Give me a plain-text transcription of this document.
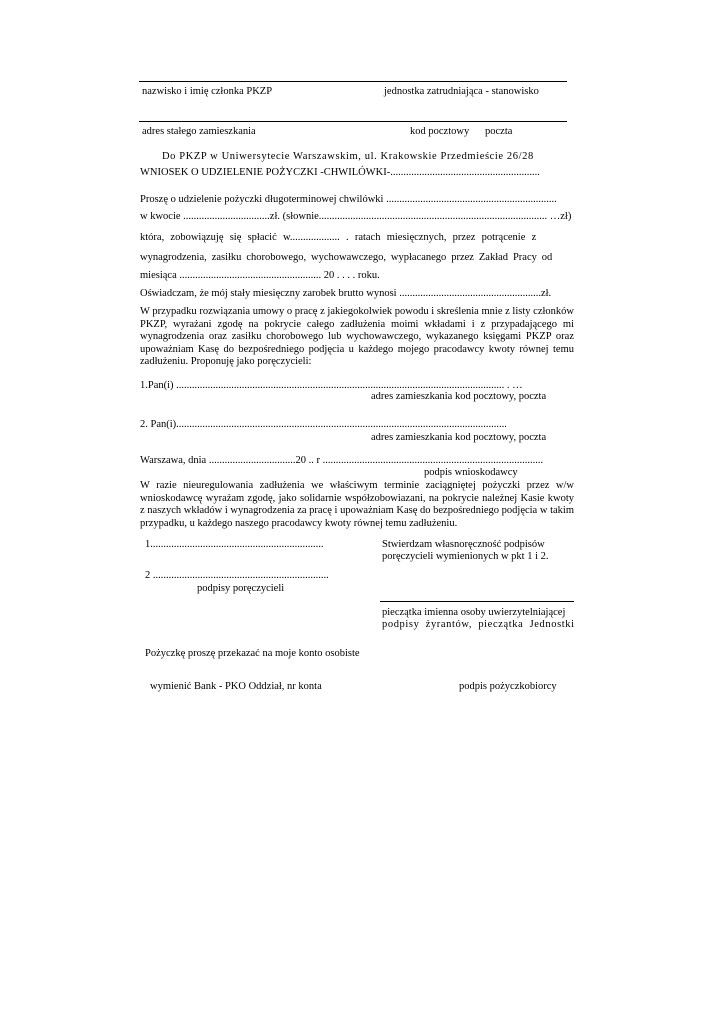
nazwisko i imię członka PKZP	jednostka zatrudniająca - stanowisko
adres stałego zamieszkania	kod pocztowy poczta
Do PKZP w Uniwersytecie Warszawskim, ul. Krakowskie Przedmieście 26/28
WNIOSEK O UDZIELENIE POŻYCZKI -CHWILÓWKI-.........................................................
Proszę o udzielenie pożyczki długoterminowej chwilówki .................................................................
w kwocie .................................zł. (słownie....................................................................................... …zł)
która, zobowiązuję się spłacić w................... . ratach miesięcznych, przez potrącenie z
wynagrodzenia, zasiłku chorobowego, wychowawczego, wypłacanego przez Zakład Pracy od
miesiąca ...................................................... 20 . . . . roku.
Oświadczam, że mój stały miesięczny zarobek brutto wynosi ......................................................zł.
W przypadku rozwiązania umowy o pracę z jakiegokolwiek powodu i skreślenia mnie z listy członków PKZP, wyrażani zgodę na pokrycie całego zadłużenia moimi wkładami i z przypadającego mi wynagrodzenia oraz zasiłku chorobowego lub wychowawczego, wykazanego księgami PKZP oraz upoważniam Kasę do bezpośredniego podjęcia u każdego mojego pracodawcy kwoty równej temu zadłużeniu. Proponuję jako poręczycieli:
1.Pan(i) ............................................................................................................................. . …
adres zamieszkania kod pocztowy, poczta
2. Pan(i)..............................................................................................................................
adres zamieszkania kod pocztowy, poczta
Warszawa, dnia .................................20 .. r ....................................................................................
podpis wnioskodawcy
W razie nieuregulowania zadłużenia we właściwym terminie zaciągniętej pożyczki przez w/w wnioskodawcę wyrażam zgodę, jako solidarnie współzobowiazani, na pokrycie należnej Kasie kwoty z naszych wkładów i wynagrodzenia za pracę i upoważniam Kasę do bezpośredniego podjęcia w takim przypadku, u każdego naszego pracodawcy kwoty równej temu zadłużeniu.
1..................................................................
2 ...................................................................
podpisy poręczycieli
Stwierdzam własnoręczność podpisów
poręczycieli wymienionych w pkt 1 i 2.
pieczątka imienna osoby uwierzytelniającej
podpisy żyrantów, pieczątka Jednostki
Pożyczkę proszę przekazać na moje konto osobiste
wymienić Bank - PKO Oddział, nr konta	podpis pożyczkobiorcy
